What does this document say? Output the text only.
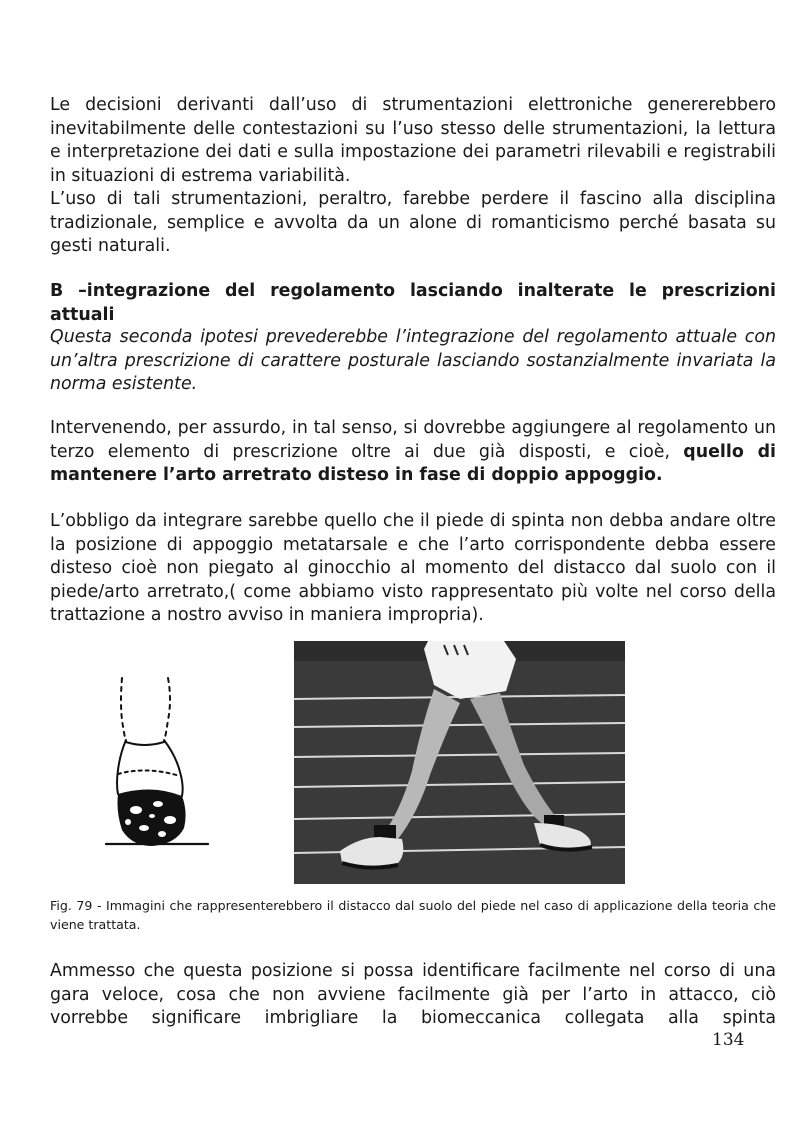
Le decisioni derivanti dall’uso di strumentazioni elettroniche genererebbero inevitabilmente delle contestazioni su l’uso stesso delle strumentazioni, la lettura e interpretazione dei dati e sulla impostazione dei parametri rilevabili e registrabili in situazioni di estrema variabilità.

L’uso di tali strumentazioni, peraltro, farebbe perdere il fascino alla disciplina tradizionale, semplice e avvolta da un alone di romanticismo perché basata su gesti naturali.

B –integrazione del regolamento lasciando inalterate le prescrizioni attuali

Questa seconda ipotesi prevederebbe l’integrazione del regolamento attuale con un’altra prescrizione di carattere posturale lasciando sostanzialmente invariata la norma esistente.

Intervenendo, per assurdo, in tal senso, si dovrebbe aggiungere al regolamento un terzo elemento di prescrizione oltre ai due già disposti, e cioè, quello di mantenere l’arto arretrato disteso in fase di doppio appoggio.

L’obbligo da integrare sarebbe quello che il piede di spinta non debba andare oltre la posizione di appoggio metatarsale e che l’arto corrispondente debba essere disteso cioè non piegato al ginocchio al momento del distacco dal suolo con il piede/arto arretrato,( come abbiamo visto rappresentato più volte nel corso della trattazione a nostro avviso in maniera impropria).

Fig. 79 - Immagini che rappresenterebbero il distacco dal suolo del piede nel caso di applicazione della teoria che viene trattata.

Ammesso che questa posizione si possa identificare facilmente nel corso di una gara veloce, cosa che non avviene facilmente già per l’arto in attacco, ciò vorrebbe significare imbrigliare la biomeccanica collegata alla spinta

134
